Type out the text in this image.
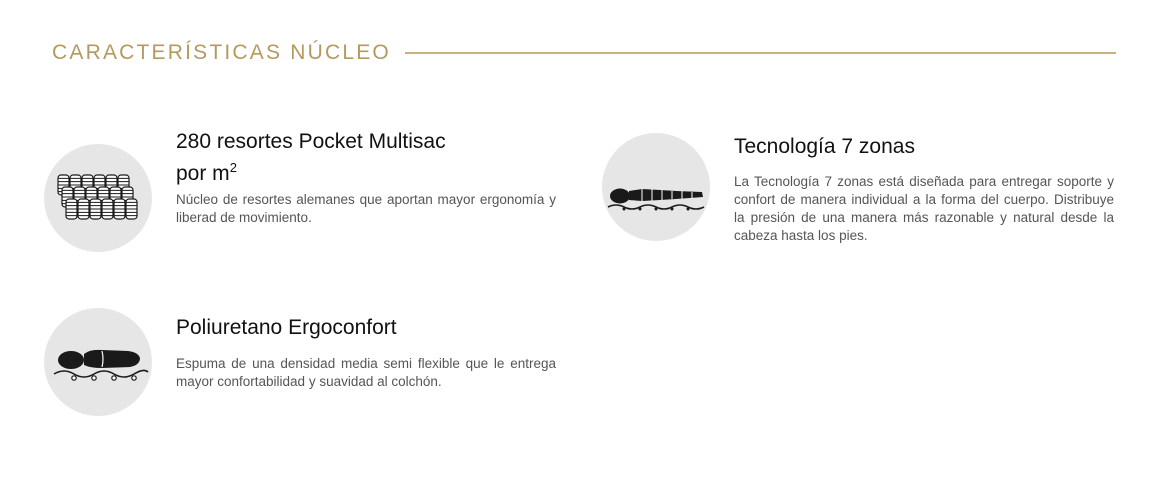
CARACTERÍSTICAS NÚCLEO
280 resortes Pocket Multisac
por $m^2$

Núcleo de resortes alemanes que aportan mayor ergonomía y liberad de movimiento.

Tecnología 7 zonas

La Tecnología 7 zonas está diseñada para entregar soporte y confort de manera individual a la forma del cuerpo. Distribuye la presión de una manera más razonable y natural desde la cabeza hasta los pies.

Poliuretano Ergoconfort

Espuma de una densidad media semi flexible que le entrega mayor confortabilidad y suavidad al colchón.
